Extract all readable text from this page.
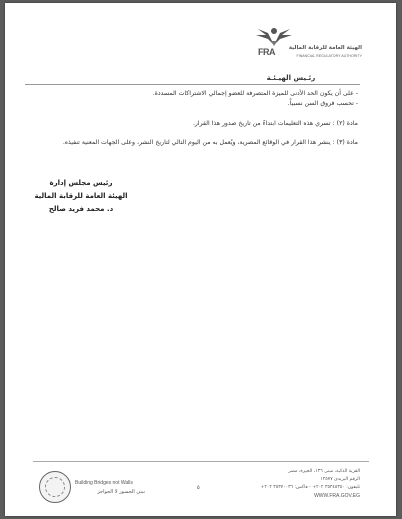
FRA	الهيئة العامة للرقابة المالية
FINANCIAL REGULATORY AUTHORITY
رئـيس الهيـئـة
- على أن يكون الحد الأدنى للميزة المتصرفة للعضو إجمالي الاشتراكات المسددة.
- تحسب فروق السن نسبياً.
مادة (٢) : تسري هذه التعليمات ابتداءً من تاريخ صدور هذا القرار.
مادة (٣) : ينشر هذا القرار في الوقائع المصرية، ويُعمل به من اليوم التالي لتاريخ النشر، وعلى الجهات المعنية تنفيذه.
رئيس مجلس إدارة
الهيئة العامة للرقابة المالية
د. محمد فريد صالح
Building Bridges not Walls
نبني الجسور لا الحواجز
٥
القرية الذكية، مبنى ١٣٦، الجيزة، مصر
الرقم البريدي ١٢٥٧٧
تليفون: ٣٥٣٤٥٣٥٠ ٢٠٢+ - فاكس: ٣٥٣٧٠٠٣٦ ٢٠٢+
WWW.FRA.GOV.EG
